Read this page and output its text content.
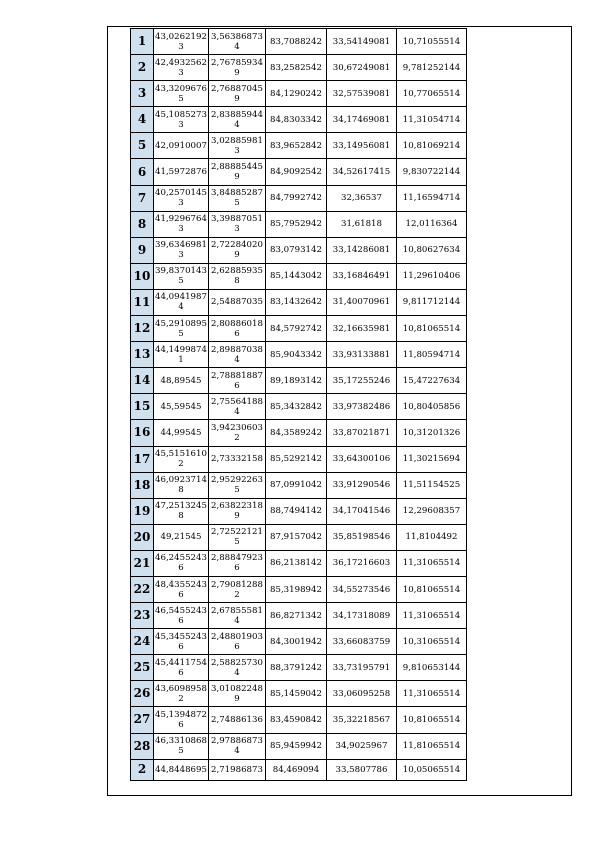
1	43,02621923	3,563868734	83,7088242	33,54149081	10,71055514
2	42,49325623	2,767859349	83,2582542	30,67249081	9,781252144
3	43,32096765	2,768870459	84,1290242	32,57539081	10,77065514
4	45,10852733	2,838859444	84,8303342	34,17469081	11,31054714
5	42,0910007	3,028859813	83,9652842	33,14956081	10,81069214
6	41,5972876	2,888854459	84,9092542	34,52617415	9,830722144
7	40,25701453	3,848852875	84,7992742	32,36537	11,16594714
8	41,92967643	3,398870513	85,7952942	31,61818	12,0116364
9	39,63469813	2,722840209	83,0793142	33,14286081	10,80627634
10	39,83701435	2,628859358	85,1443042	33,16846491	11,29610406
11	44,09419874	2,54887035	83,1432642	31,40070961	9,811712144
12	45,29108955	2,808860186	84,5792742	32,16635981	10,81065514
13	44,14998741	2,898870384	85,9043342	33,93133881	11,80594714
14	48,89545	2,788818876	89,1893142	35,17255246	15,47227634
15	45,59545	2,755641884	85,3432842	33,97382486	10,80405856
16	44,99545	3,942306032	84,3589242	33,87021871	10,31201326
17	45,51516102	2,73332158	85,5292142	33,64300106	11,30215694
18	46,09237148	2,952922635	87,0991042	33,91290546	11,51154525
19	47,25132458	2,638223189	88,7494142	34,17041546	12,29608357
20	49,21545	2,725221215	87,9157042	35,85198546	11,8104492
21	46,24552436	2,888479236	86,2138142	36,17216603	11,31065514
22	48,43552436	2,790812882	85,3198942	34,55273546	10,81065514
23	46,54552436	2,678555814	86,8271342	34,17318089	11,31065514
24	45,34552436	2,488019036	84,3001942	33,66083759	10,31065514
25	45,44117546	2,588257304	88,3791242	33,73195791	9,810653144
26	43,60989582	3,010822489	85,1459042	33,06095258	11,31065514
27	45,13948726	2,74886136	83,4590842	35,32218567	10,81065514
28	46,33108685	2,978868734	85,9459942	34,9025967	11,81065514
2	44,8448695	2,71986873	84,469094	33,5807786	10,05065514
